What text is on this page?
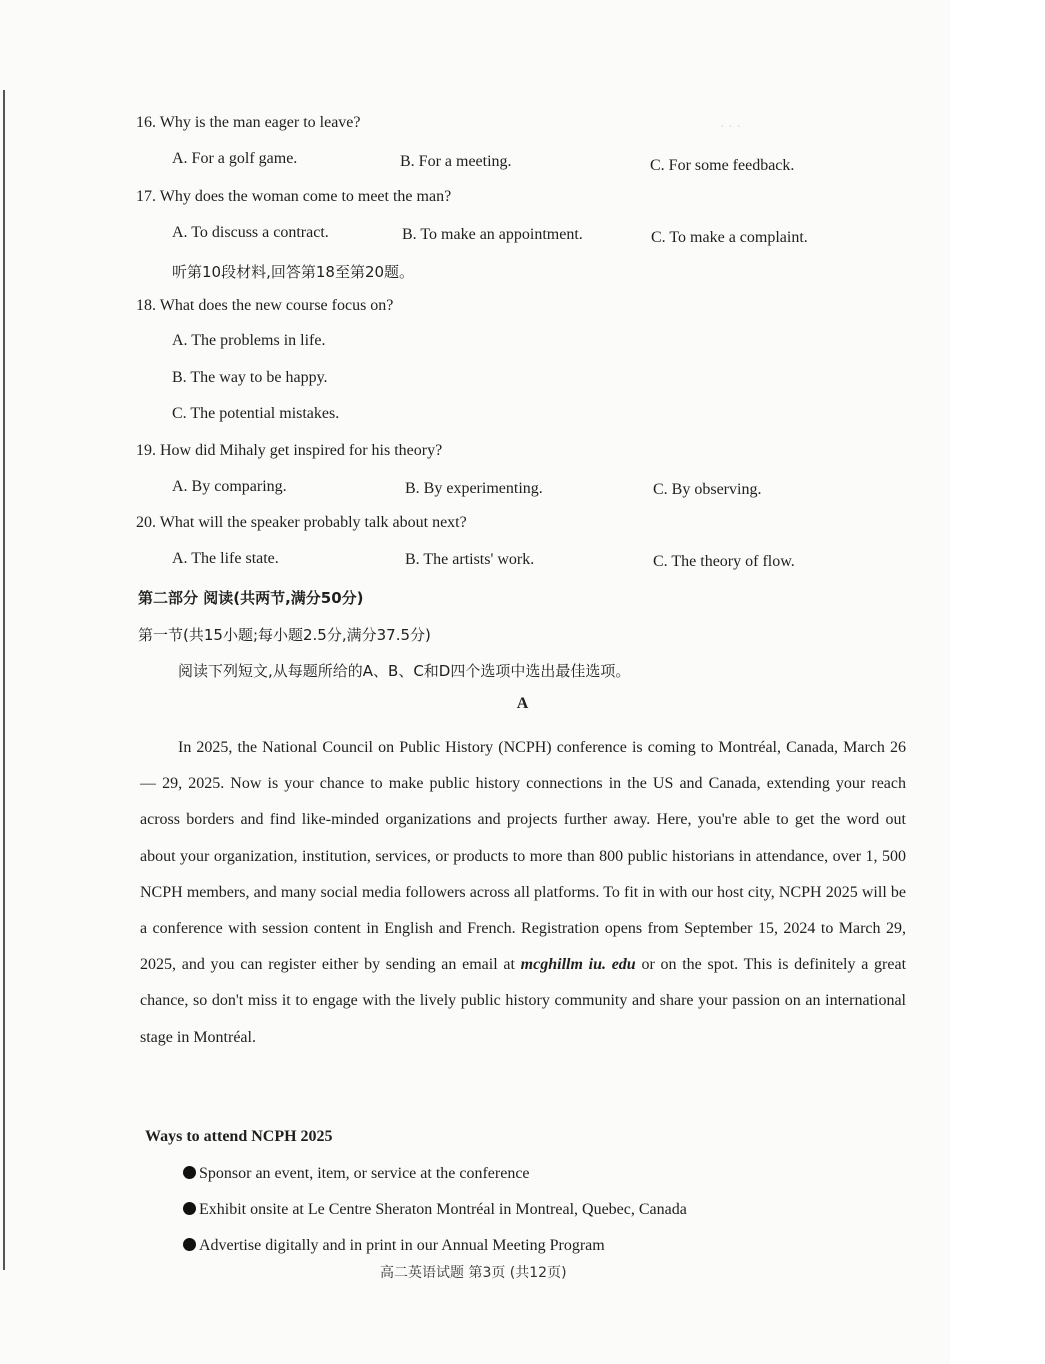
· · ·
16. Why is the man eager to leave?
A. For a golf game.	B. For a meeting.	C. For some feedback.
17. Why does the woman come to meet the man?
A. To discuss a contract.	B. To make an appointment.	C. To make a complaint.
听第10段材料,回答第18至第20题。
18. What does the new course focus on?
A. The problems in life.
B. The way to be happy.
C. The potential mistakes.
19. How did Mihaly get inspired for his theory?
A. By comparing.	B. By experimenting.	C. By observing.
20. What will the speaker probably talk about next?
A. The life state.	B. The artists' work.	C. The theory of flow.
第二部分 阅读(共两节,满分50分)
第一节(共15小题;每小题2.5分,满分37.5分)
阅读下列短文,从每题所给的A、B、C和D四个选项中选出最佳选项。
A
In 2025, the National Council on Public History (NCPH) conference is coming to Montréal, Canada, March 26 — 29, 2025. Now is your chance to make public history connections in the US and Canada, extending your reach across borders and find like-minded organizations and projects further away. Here, you're able to get the word out about your organization, institution, services, or products to more than 800 public historians in attendance, over 1, 500 NCPH members, and many social media followers across all platforms. To fit in with our host city, NCPH 2025 will be a conference with session content in English and French. Registration opens from September 15, 2024 to March 29, 2025, and you can register either by sending an email at mcghillm iu. edu or on the spot. This is definitely a great chance, so don't miss it to engage with the lively public history community and share your passion on an international stage in Montréal.
Ways to attend NCPH 2025
Sponsor an event, item, or service at the conference
Exhibit onsite at Le Centre Sheraton Montréal in Montreal, Quebec, Canada
Advertise digitally and in print in our Annual Meeting Program
高二英语试题 第3页 (共12页)
